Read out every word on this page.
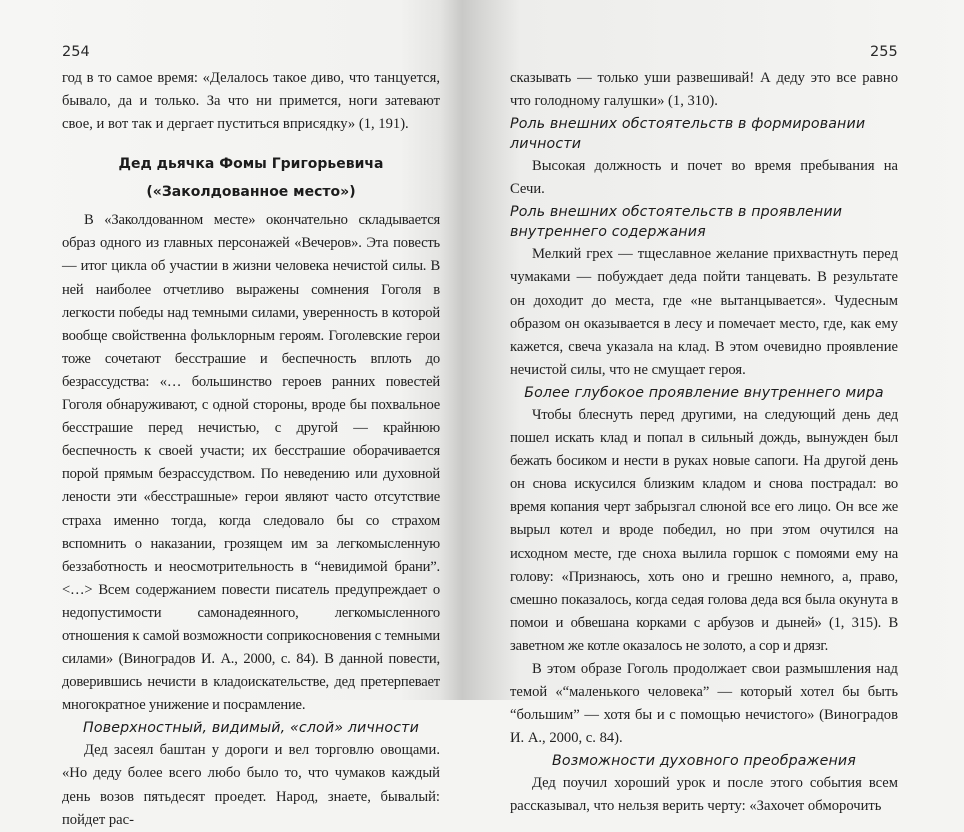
254	255

год в то самое время: «Делалось такое диво, что танцуется, бывало, да и только. За что ни примется, ноги затевают свое, и вот так и дергает пуститься вприсядку» (1, 191).

Дед дьячка Фомы Григорьевича
(«Заколдованное место»)

В «Заколдованном месте» окончательно складывается образ одного из главных персонажей «Вечеров». Эта повесть — итог цикла об участии в жизни человека нечистой силы. В ней наиболее отчетливо выражены сомнения Гоголя в легкости победы над темными силами, уверенность в которой вообще свойственна фольклорным героям. Гоголевские герои тоже сочетают бесстрашие и беспечность вплоть до безрассудства: «… большинство героев ранних повестей Гоголя обнаруживают, с одной стороны, вроде бы похвальное бесстрашие перед нечистью, с другой — крайнюю беспечность к своей участи; их бесстрашие оборачивается порой прямым безрассудством. По неведению или духовной лености эти «бесстрашные» герои являют часто отсутствие страха именно тогда, когда следовало бы со страхом вспомнить о наказании, грозящем им за легкомысленную беззаботность и неосмотрительность в “невидимой брани”. <…> Всем содержанием повести писатель предупреждает о недопустимости самонадеянного, легкомысленного отношения к самой возможности соприкосновения с темными силами» (Виноградов И. А., 2000, с. 84). В данной повести, доверившись нечисти в кладоискательстве, дед претерпевает многократное унижение и посрамление.

Поверхностный, видимый, «слой» личности

Дед засеял баштан у дороги и вел торговлю овощами. «Но деду более всего любо было то, что чумаков каждый день возов пятьдесят проедет. Народ, знаете, бывалый: пойдет рас-

сказывать — только уши развешивай! А деду это все равно что голодному галушки» (1, 310).

Роль внешних обстоятельств в формировании личности

Высокая должность и почет во время пребывания на Сечи.

Роль внешних обстоятельств в проявлении внутреннего содержания

Мелкий грех — тщеславное желание прихвастнуть перед чумаками — побуждает деда пойти танцевать. В результате он доходит до места, где «не вытанцывается». Чудесным образом он оказывается в лесу и помечает место, где, как ему кажется, свеча указала на клад. В этом очевидно проявление нечистой силы, что не смущает героя.

Более глубокое проявление внутреннего мира

Чтобы блеснуть перед другими, на следующий день дед пошел искать клад и попал в сильный дождь, вынужден был бежать босиком и нести в руках новые сапоги. На другой день он снова искусился близким кладом и снова пострадал: во время копания черт забрызгал слюной все его лицо. Он все же вырыл котел и вроде победил, но при этом очутился на исходном месте, где сноха вылила горшок с помоями ему на голову: «Признаюсь, хоть оно и грешно немного, а, право, смешно показалось, когда седая голова деда вся была окунута в помои и обвешана корками с арбузов и дыней» (1, 315). В заветном же котле оказалось не золото, а сор и дрязг.

В этом образе Гоголь продолжает свои размышления над темой «“маленького человека” — который хотел бы быть “большим” — хотя бы и с помощью нечистого» (Виноградов И. А., 2000, с. 84).

Возможности духовного преображения

Дед поучил хороший урок и после этого события всем рассказывал, что нельзя верить черту: «Захочет обморочить
